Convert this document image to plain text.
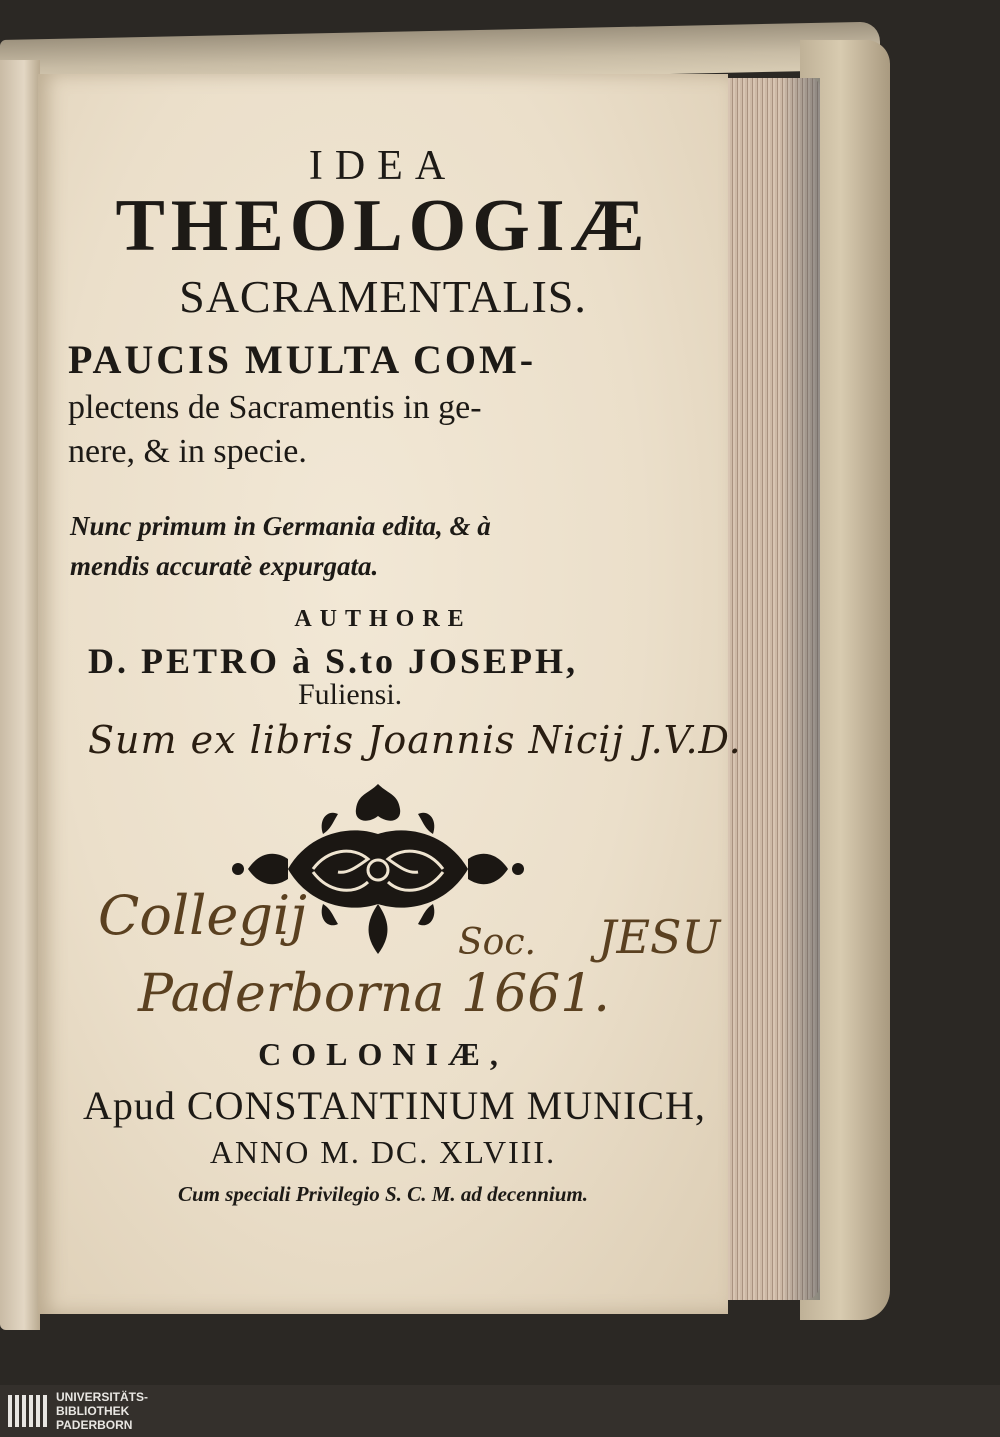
IDEA
THEOLOGIÆ
SACRAMENTALIS.
PAUCIS MULTA COM-
plectens de Sacramentis in ge-
nere, & in specie.
Nunc primum in Germania edita, & à
mendis accuratè expurgata.
AUTHORE
D. PETRO à S.to JOSEPH,
Fuliensi.
Sum ex libris Joannis Nicij J.V.D.
Collegij	Soc. JESU
Paderborna 1661.
COLONIÆ,
Apud CONSTANTINUM MUNICH,
ANNO M. DC. XLVIII.
Cum speciali Privilegio S. C. M. ad decennium.
UNIVERSITÄTS-
BIBLIOTHEK
PADERBORN
